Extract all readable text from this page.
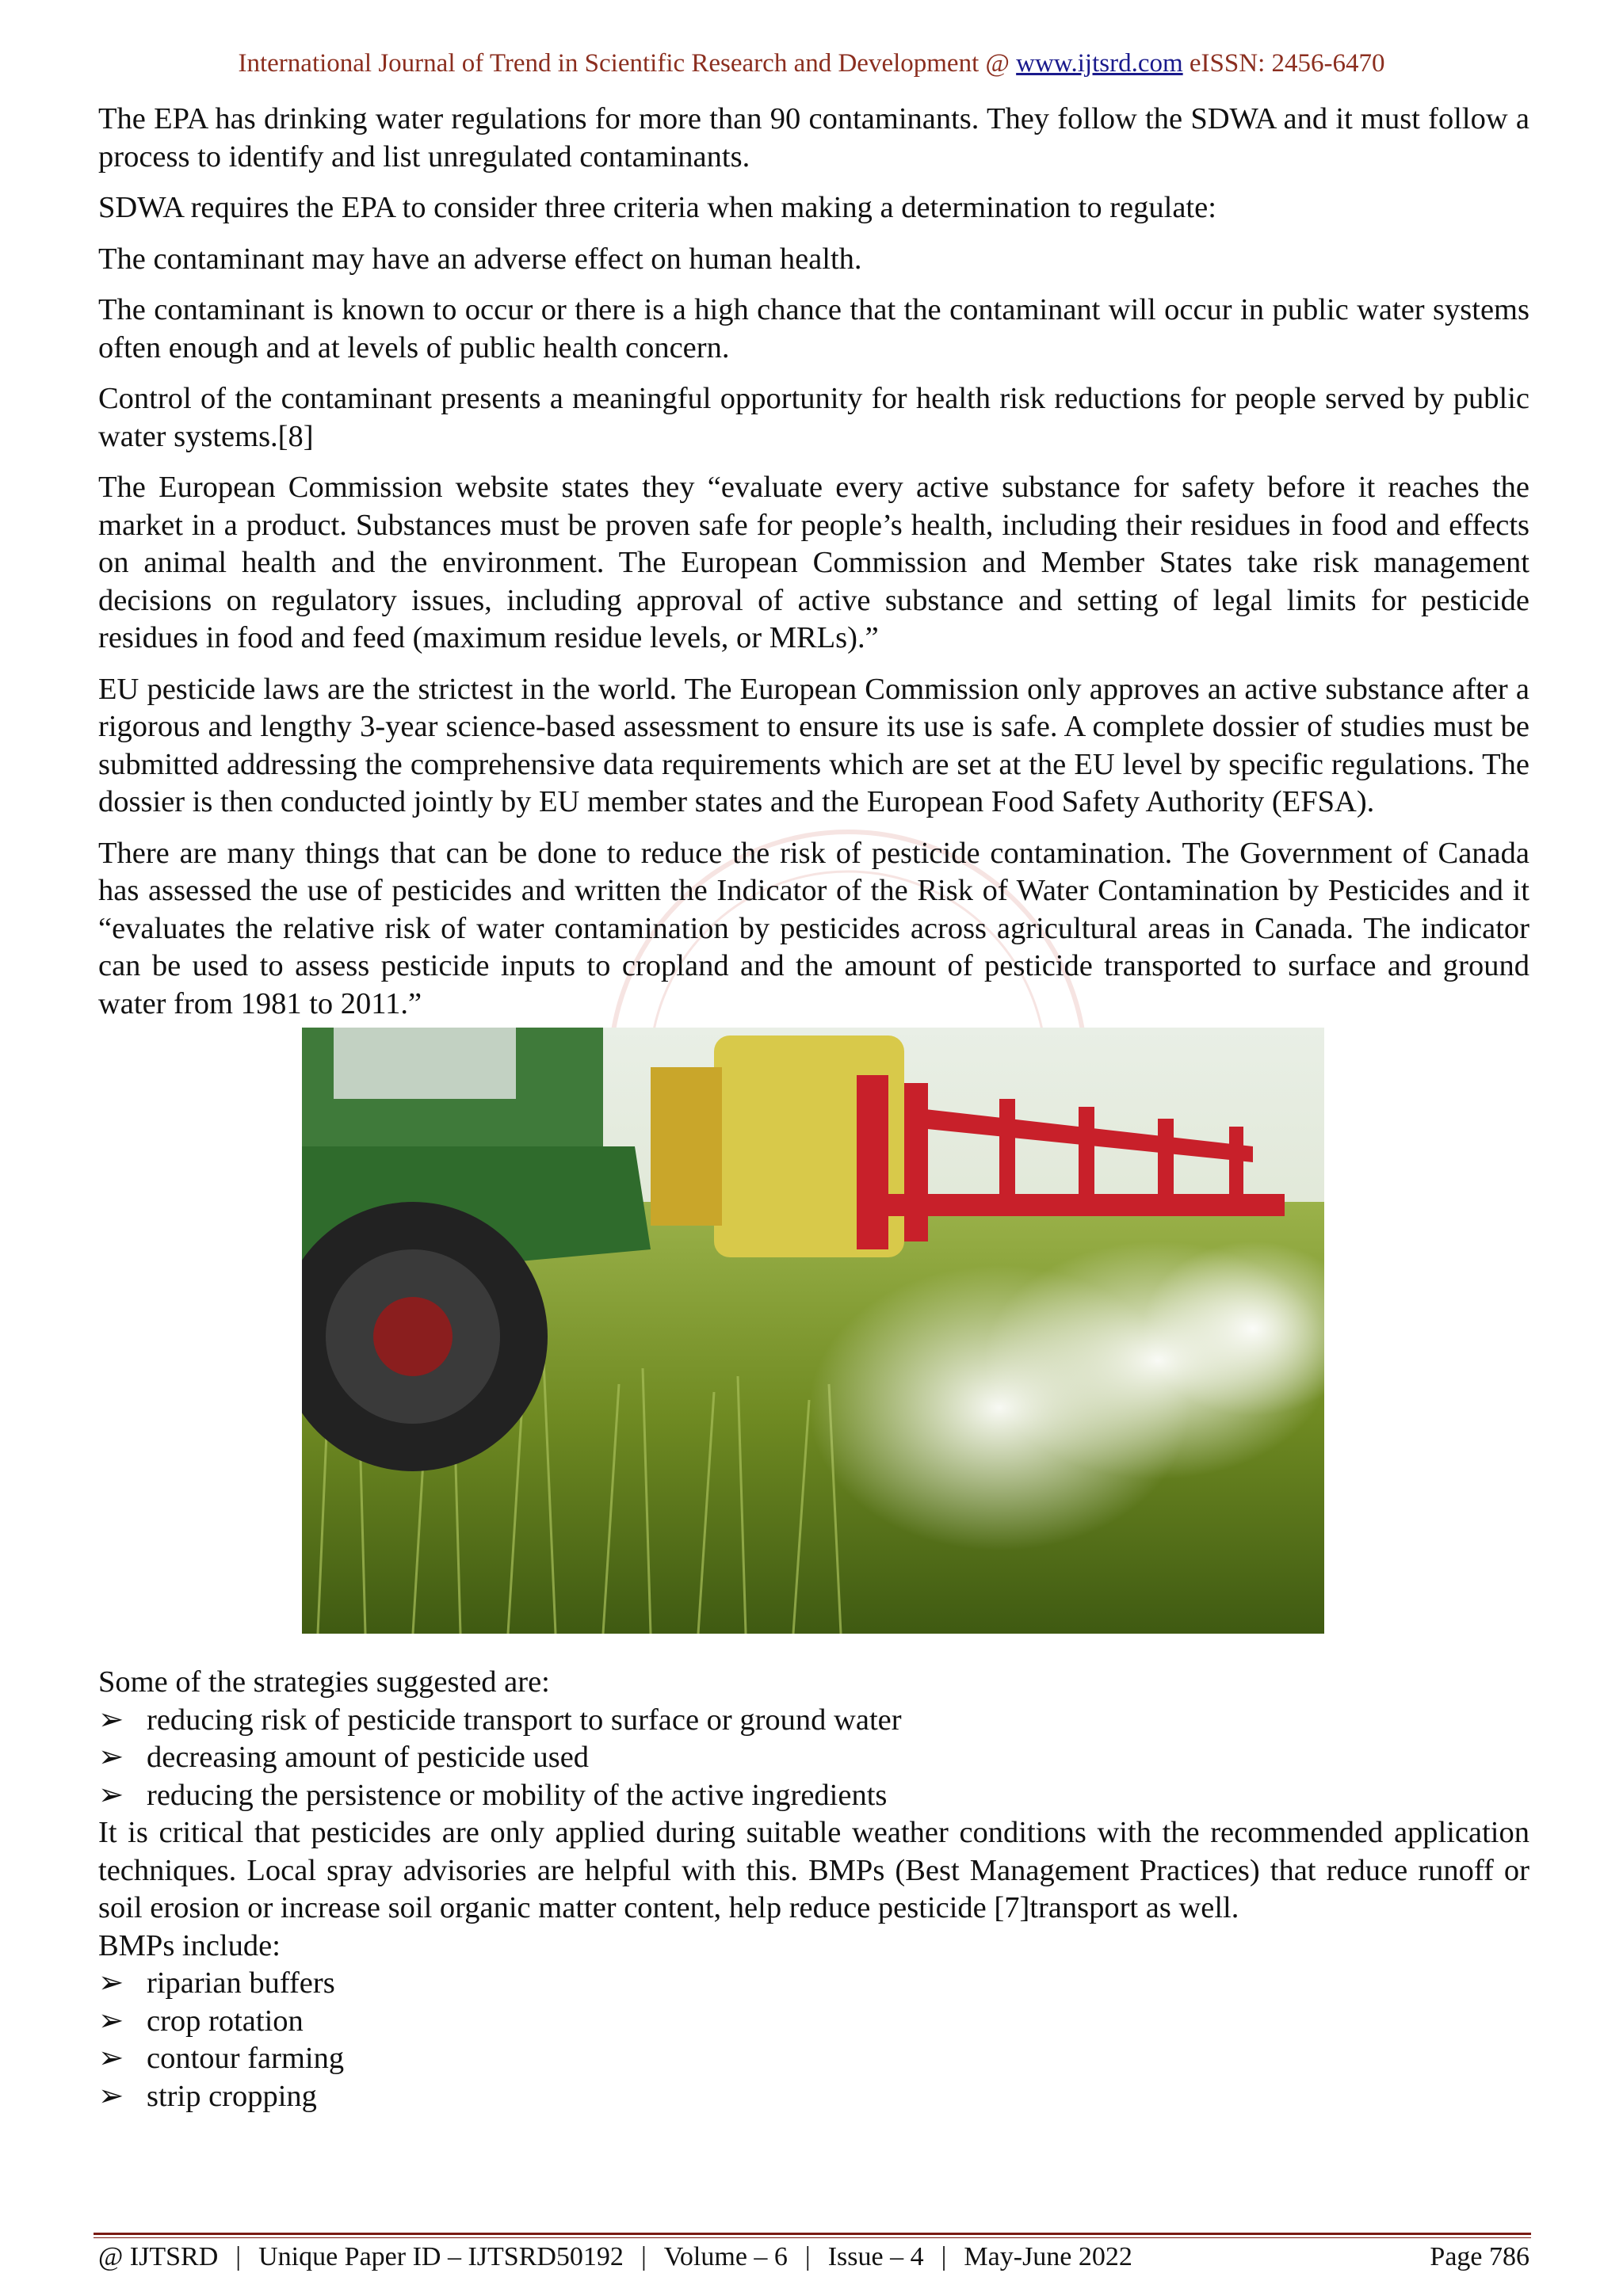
International Journal of Trend in Scientific Research and Development @ www.ijtsrd.com eISSN: 2456-6470

The EPA has drinking water regulations for more than 90 contaminants. They follow the SDWA and it must follow a process to identify and list unregulated contaminants.

SDWA requires the EPA to consider three criteria when making a determination to regulate:

The contaminant may have an adverse effect on human health.

The contaminant is known to occur or there is a high chance that the contaminant will occur in public water systems often enough and at levels of public health concern.

Control of the contaminant presents a meaningful opportunity for health risk reductions for people served by public water systems.[8]

The European Commission website states they “evaluate every active substance for safety before it reaches the market in a product. Substances must be proven safe for people’s health, including their residues in food and effects on animal health and the environment. The European Commission and Member States take risk management decisions on regulatory issues, including approval of active substance and setting of legal limits for pesticide residues in food and feed (maximum residue levels, or MRLs).”

EU pesticide laws are the strictest in the world. The European Commission only approves an active substance after a rigorous and lengthy 3-year science-based assessment to ensure its use is safe. A complete dossier of studies must be submitted addressing the comprehensive data requirements which are set at the EU level by specific regulations. The dossier is then conducted jointly by EU member states and the European Food Safety Authority (EFSA).

There are many things that can be done to reduce the risk of pesticide contamination. The Government of Canada has assessed the use of pesticides and written the Indicator of the Risk of Water Contamination by Pesticides and it “evaluates the relative risk of water contamination by pesticides across agricultural areas in Canada. The indicator can be used to assess pesticide inputs to cropland and the amount of pesticide transported to surface and ground water from 1981 to 2011.”

Some of the strategies suggested are:

➢ reducing risk of pesticide transport to surface or ground water
➢ decreasing amount of pesticide used
➢ reducing the persistence or mobility of the active ingredients

It is critical that pesticides are only applied during suitable weather conditions with the recommended application techniques. Local spray advisories are helpful with this. BMPs (Best Management Practices) that reduce runoff or soil erosion or increase soil organic matter content, help reduce pesticide [7]transport as well.

BMPs include:

➢ riparian buffers
➢ crop rotation
➢ contour farming
➢ strip cropping
@ IJTSRD | Unique Paper ID – IJTSRD50192 | Volume – 6 | Issue – 4 | May-June 2022	Page 786
